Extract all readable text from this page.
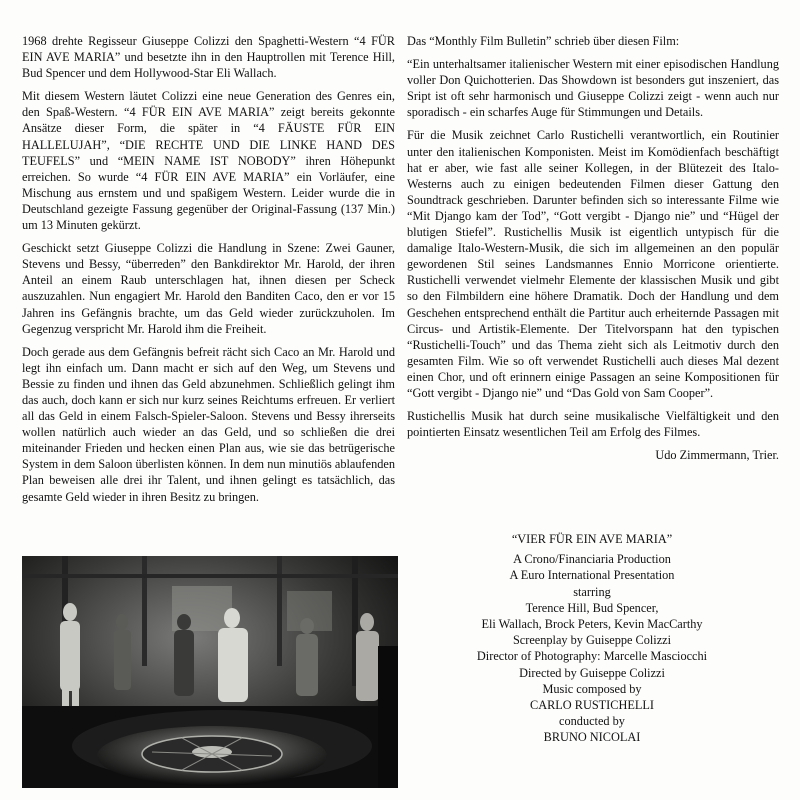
1968 drehte Regisseur Giuseppe Colizzi den Spaghetti-Western “4 FÜR EIN AVE MARIA” und besetzte ihn in den Hauptrollen mit Terence Hill, Bud Spencer und dem Hollywood-Star Eli Wallach.

Mit diesem Western läutet Colizzi eine neue Generation des Genres ein, den Spaß-Western. “4 FÜR EIN AVE MARIA” zeigt bereits gekonnte Ansätze dieser Form, die später in “4 FÄUSTE FÜR EIN HALLELUJAH”, “DIE RECHTE UND DIE LINKE HAND DES TEUFELS” und “MEIN NAME IST NOBODY” ihren Höhepunkt erreichen. So wurde “4 FÜR EIN AVE MARIA” ein Vorläufer, eine Mischung aus ernstem und und spaßigem Western. Leider wurde die in Deutschland gezeigte Fassung gegenüber der Original-Fassung (137 Min.) um 13 Minuten gekürzt.

Geschickt setzt Giuseppe Colizzi die Handlung in Szene: Zwei Gauner, Stevens und Bessy, “überreden” den Bankdirektor Mr. Harold, der ihren Anteil an einem Raub unterschlagen hat, ihnen diesen per Scheck auszuzahlen. Nun engagiert Mr. Harold den Banditen Caco, den er vor 15 Jahren ins Gefängnis brachte, um das Geld wieder zurückzuholen. Im Gegenzug verspricht Mr. Harold ihm die Freiheit.

Doch gerade aus dem Gefängnis befreit rächt sich Caco an Mr. Harold und legt ihn einfach um. Dann macht er sich auf den Weg, um Stevens und Bessie zu finden und ihnen das Geld abzunehmen. Schließlich gelingt ihm das auch, doch kann er sich nur kurz seines Reichtums erfreuen. Er verliert all das Geld in einem Falsch-Spieler-Saloon. Stevens und Bessy ihrerseits wollen natürlich auch wieder an das Geld, und so schließen die drei miteinander Frieden und hecken einen Plan aus, wie sie das betrügerische System in dem Saloon überlisten können. In dem nun minutiös ablaufenden Plan beweisen alle drei ihr Talent, und ihnen gelingt es tatsächlich, das gesamte Geld wieder in ihren Besitz zu bringen.

Das “Monthly Film Bulletin” schrieb über diesen Film:

“Ein unterhaltsamer italienischer Western mit einer episodischen Handlung voller Don Quichotterien. Das Showdown ist besonders gut inszeniert, das Sript ist oft sehr harmonisch und Giuseppe Colizzi zeigt - wenn auch nur sporadisch - ein scharfes Auge für Stimmungen und Details.

Für die Musik zeichnet Carlo Rustichelli verantwortlich, ein Routinier unter den italienischen Komponisten. Meist im Komödienfach beschäftigt hat er aber, wie fast alle seiner Kollegen, in der Blütezeit des Italo-Westerns auch zu einigen bedeutenden Filmen dieser Gattung den Soundtrack geschrieben. Darunter befinden sich so interessante Filme wie “Mit Django kam der Tod”, “Gott vergibt - Django nie” und “Hügel der blutigen Stiefel”. Rustichellis Musik ist eigentlich untypisch für die damalige Italo-Western-Musik, die sich im allgemeinen an den populär gewordenen Stil seines Landsmannes Ennio Morricone orientierte. Rustichelli verwendet vielmehr Elemente der klassischen Musik und gibt so den Filmbildern eine höhere Dramatik. Doch der Handlung und dem Geschehen entsprechend enthält die Partitur auch erheiternde Passagen mit Circus- und Artistik-Elemente. Der Titelvorspann hat den typischen “Rustichelli-Touch” und das Thema zieht sich als Leitmotiv durch den gesamten Film. Wie so oft verwendet Rustichelli auch dieses Mal dezent einen Chor, und oft erinnern einige Passagen an seine Kompositionen für “Gott vergibt - Django nie” und “Das Gold von Sam Cooper”.

Rustichellis Musik hat durch seine musikalische Vielfältigkeit und den pointierten Einsatz wesentlichen Teil am Erfolg des Filmes.

Udo Zimmermann, Trier.

“VIER FÜR EIN AVE MARIA”
A Crono/Financiaria Production
A Euro International Presentation
starring
Terence Hill, Bud Spencer,
Eli Wallach, Brock Peters, Kevin MacCarthy
Screenplay by Guiseppe Colizzi
Director of Photography: Marcelle Masciocchi
Directed by Guiseppe Colizzi
Music composed by
CARLO RUSTICHELLI
conducted by
BRUNO NICOLAI
